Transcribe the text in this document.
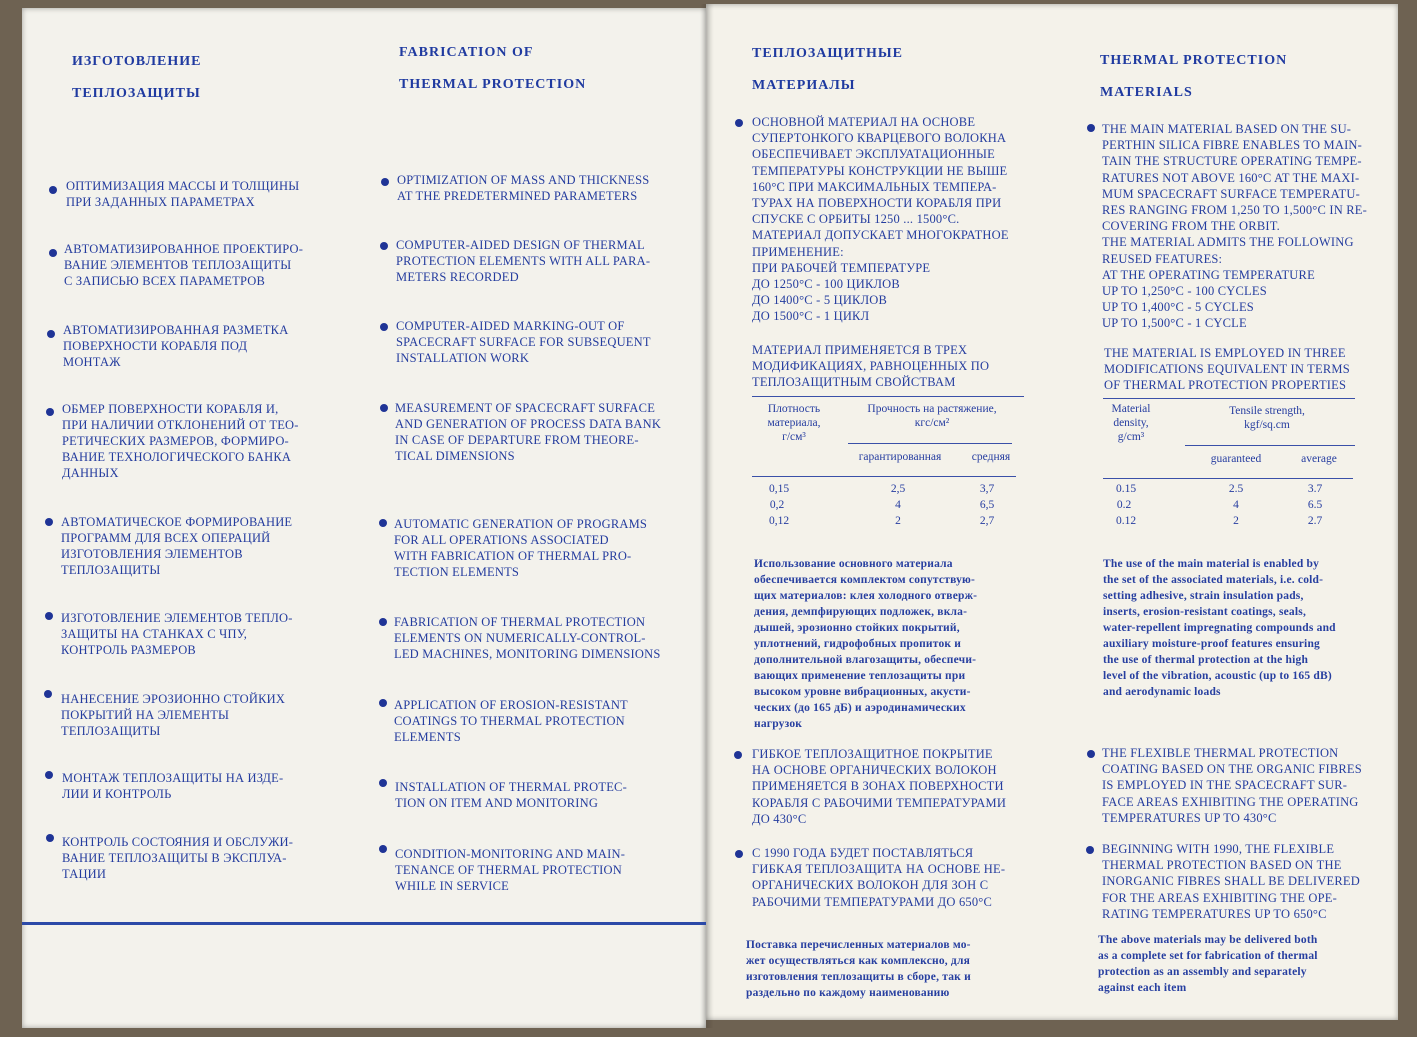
ИЗГОТОВЛЕНИЕ
ТЕПЛОЗАЩИТЫ
FABRICATION OF
THERMAL PROTECTION
ОПТИМИЗАЦИЯ МАССЫ И ТОЛЩИНЫ
ПРИ ЗАДАННЫХ ПАРАМЕТРАХ
АВТОМАТИЗИРОВАННОЕ ПРОЕКТИРО-
ВАНИЕ ЭЛЕМЕНТОВ ТЕПЛОЗАЩИТЫ
С ЗАПИСЬЮ ВСЕХ ПАРАМЕТРОВ
АВТОМАТИЗИРОВАННАЯ РАЗМЕТКА
ПОВЕРХНОСТИ КОРАБЛЯ ПОД
МОНТАЖ
ОБМЕР ПОВЕРХНОСТИ КОРАБЛЯ И,
ПРИ НАЛИЧИИ ОТКЛОНЕНИЙ ОТ ТЕО-
РЕТИЧЕСКИХ РАЗМЕРОВ, ФОРМИРО-
ВАНИЕ ТЕХНОЛОГИЧЕСКОГО БАНКА
ДАННЫХ
АВТОМАТИЧЕСКОЕ ФОРМИРОВАНИЕ
ПРОГРАММ ДЛЯ ВСЕХ ОПЕРАЦИЙ
ИЗГОТОВЛЕНИЯ ЭЛЕМЕНТОВ
ТЕПЛОЗАЩИТЫ
ИЗГОТОВЛЕНИЕ ЭЛЕМЕНТОВ ТЕПЛО-
ЗАЩИТЫ НА СТАНКАХ С ЧПУ,
КОНТРОЛЬ РАЗМЕРОВ
НАНЕСЕНИЕ ЭРОЗИОННО СТОЙКИХ
ПОКРЫТИЙ НА ЭЛЕМЕНТЫ
ТЕПЛОЗАЩИТЫ
МОНТАЖ ТЕПЛОЗАЩИТЫ НА ИЗДЕ-
ЛИИ И КОНТРОЛЬ
КОНТРОЛЬ СОСТОЯНИЯ И ОБСЛУЖИ-
ВАНИЕ ТЕПЛОЗАЩИТЫ В ЭКСПЛУА-
ТАЦИИ
OPTIMIZATION OF MASS AND THICKNESS
AT THE PREDETERMINED PARAMETERS
COMPUTER-AIDED DESIGN OF THERMAL
PROTECTION ELEMENTS WITH ALL PARA-
METERS RECORDED
COMPUTER-AIDED MARKING-OUT OF
SPACECRAFT SURFACE FOR SUBSEQUENT
INSTALLATION WORK
MEASUREMENT OF SPACECRAFT SURFACE
AND GENERATION OF PROCESS DATA BANK
IN CASE OF DEPARTURE FROM THEORE-
TICAL DIMENSIONS
AUTOMATIC GENERATION OF PROGRAMS
FOR ALL OPERATIONS ASSOCIATED
WITH FABRICATION OF THERMAL PRO-
TECTION ELEMENTS
FABRICATION OF THERMAL PROTECTION
ELEMENTS ON NUMERICALLY-CONTROL-
LED MACHINES, MONITORING DIMENSIONS
APPLICATION OF EROSION-RESISTANT
COATINGS TO THERMAL PROTECTION
ELEMENTS
INSTALLATION OF THERMAL PROTEC-
TION ON ITEM AND MONITORING
CONDITION-MONITORING AND MAIN-
TENANCE OF THERMAL PROTECTION
WHILE IN SERVICE
ТЕПЛОЗАЩИТНЫЕ
МАТЕРИАЛЫ
THERMAL PROTECTION
MATERIALS
ОСНОВНОЙ МАТЕРИАЛ НА ОСНОВЕ
СУПЕРТОНКОГО КВАРЦЕВОГО ВОЛОКНА
ОБЕСПЕЧИВАЕТ ЭКСПЛУАТАЦИОННЫЕ
ТЕМПЕРАТУРЫ КОНСТРУКЦИИ НЕ ВЫШЕ
160°С ПРИ МАКСИМАЛЬНЫХ ТЕМПЕРА-
ТУРАХ НА ПОВЕРХНОСТИ КОРАБЛЯ ПРИ
СПУСКЕ С ОРБИТЫ 1250 ... 1500°С.
МАТЕРИАЛ ДОПУСКАЕТ МНОГОКРАТНОЕ
ПРИМЕНЕНИЕ:
ПРИ РАБОЧЕЙ ТЕМПЕРАТУРЕ
ДО 1250°С - 100 ЦИКЛОВ
ДО 1400°С - 5 ЦИКЛОВ
ДО 1500°С - 1 ЦИКЛ
THE MAIN MATERIAL BASED ON THE SU-
PERTHIN SILICA FIBRE ENABLES TO MAIN-
TAIN THE STRUCTURE OPERATING TEMPE-
RATURES NOT ABOVE 160°C AT THE MAXI-
MUM SPACECRAFT SURFACE TEMPERATU-
RES RANGING FROM 1,250 TO 1,500°C IN RE-
COVERING FROM THE ORBIT.
THE MATERIAL ADMITS THE FOLLOWING
REUSED FEATURES:
AT THE OPERATING TEMPERATURE
UP TO 1,250°C - 100 CYCLES
UP TO 1,400°C - 5 CYCLES
UP TO 1,500°C - 1 CYCLE
МАТЕРИАЛ ПРИМЕНЯЕТСЯ В ТРЕХ
МОДИФИКАЦИЯХ, РАВНОЦЕННЫХ ПО
ТЕПЛОЗАЩИТНЫМ СВОЙСТВАМ
THE MATERIAL IS EMPLOYED IN THREE
MODIFICATIONS EQUIVALENT IN TERMS
OF THERMAL PROTECTION PROPERTIES
Плотность
материала,
г/см³
Прочность на растяжение,
кгс/см²
гарантированная	средняя
0,15	2,5	3,7
0,2	4	6,5
0,12	2	2,7
Material
density,
g/cm³
Tensile strength,
kgf/sq.cm
guaranteed	average
0.15	2.5	3.7
0.2	4	6.5
0.12	2	2.7
Использование основного материала
обеспечивается комплектом сопутствую-
щих материалов: клея холодного отверж-
дения, демпфирующих подложек, вкла-
дышей, эрозионно стойких покрытий,
уплотнений, гидрофобных пропиток и
дополнительной влагозащиты, обеспечи-
вающих применение теплозащиты при
высоком уровне вибрационных, акусти-
ческих (до 165 дБ) и аэродинамических
нагрузок
The use of the main material is enabled by
the set of the associated materials, i.e. cold-
setting adhesive, strain insulation pads,
inserts, erosion-resistant coatings, seals,
water-repellent impregnating compounds and
auxiliary moisture-proof features ensuring
the use of thermal protection at the high
level of the vibration, acoustic (up to 165 dB)
and aerodynamic loads
ГИБКОЕ ТЕПЛОЗАЩИТНОЕ ПОКРЫТИЕ
НА ОСНОВЕ ОРГАНИЧЕСКИХ ВОЛОКОН
ПРИМЕНЯЕТСЯ В ЗОНАХ ПОВЕРХНОСТИ
КОРАБЛЯ С РАБОЧИМИ ТЕМПЕРАТУРАМИ
ДО 430°С
THE FLEXIBLE THERMAL PROTECTION
COATING BASED ON THE ORGANIC FIBRES
IS EMPLOYED IN THE SPACECRAFT SUR-
FACE AREAS EXHIBITING THE OPERATING
TEMPERATURES UP TO 430°C
С 1990 ГОДА БУДЕТ ПОСТАВЛЯТЬСЯ
ГИБКАЯ ТЕПЛОЗАЩИТА НА ОСНОВЕ НЕ-
ОРГАНИЧЕСКИХ ВОЛОКОН ДЛЯ ЗОН С
РАБОЧИМИ ТЕМПЕРАТУРАМИ ДО 650°С
BEGINNING WITH 1990, THE FLEXIBLE
THERMAL PROTECTION BASED ON THE
INORGANIC FIBRES SHALL BE DELIVERED
FOR THE AREAS EXHIBITING THE OPE-
RATING TEMPERATURES UP TO 650°C
Поставка перечисленных материалов мо-
жет осуществляться как комплексно, для
изготовления теплозащиты в сборе, так и
раздельно по каждому наименованию
The above materials may be delivered both
as a complete set for fabrication of thermal
protection as an assembly and separately
against each item
